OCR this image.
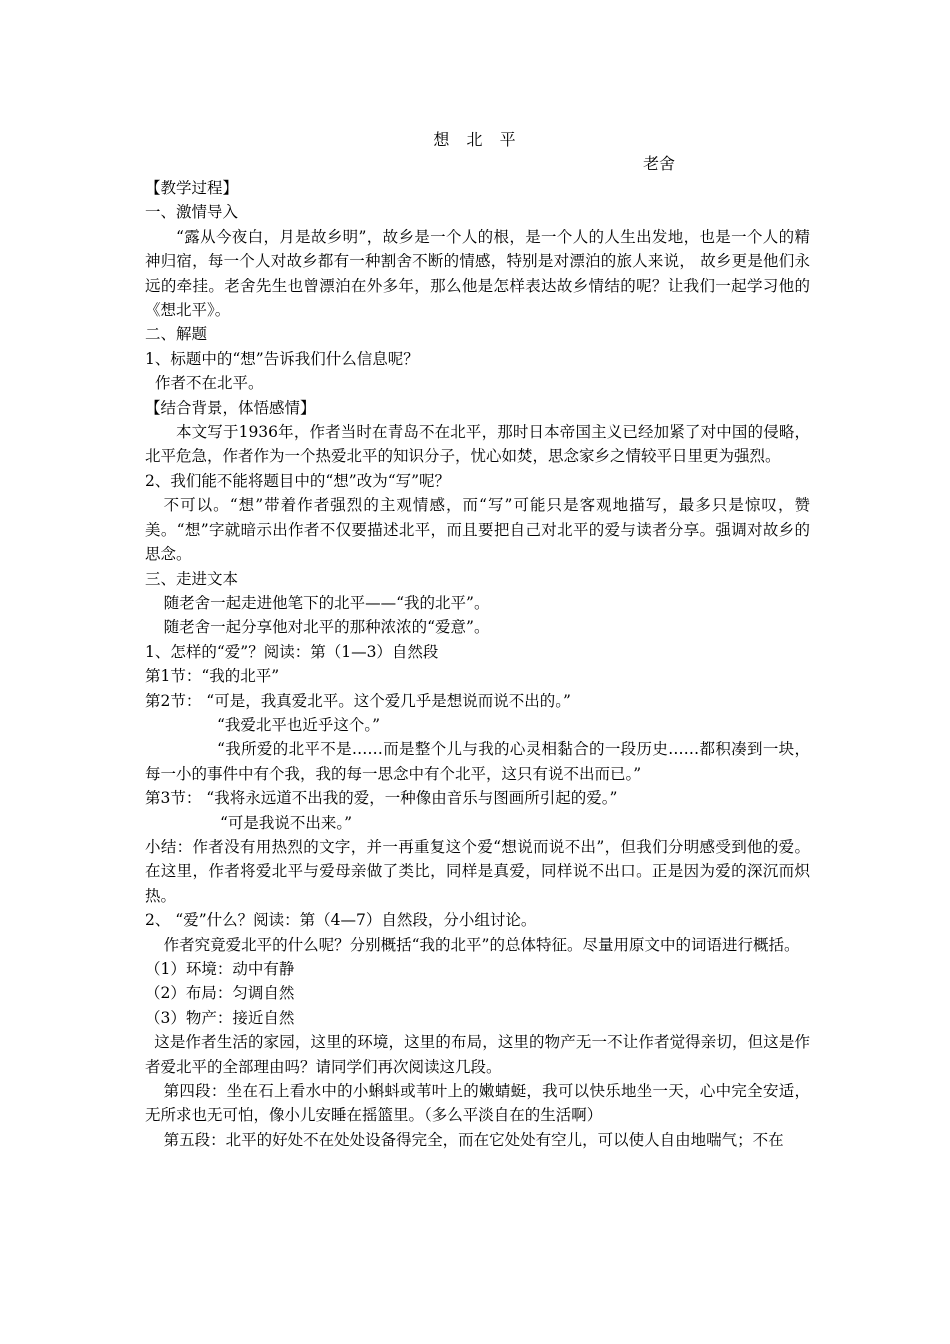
想 北 平
老舍
【教学过程】
一、激情导入
“露从今夜白，月是故乡明”，故乡是一个人的根，是一个人的人生出发地，也是一个人的精神归宿，每一个人对故乡都有一种割舍不断的情感，特别是对漂泊的旅人来说， 故乡更是他们永远的牵挂。老舍先生也曾漂泊在外多年，那么他是怎样表达故乡情结的呢？让我们一起学习他的《想北平》。
二、解题
1、标题中的“想”告诉我们什么信息呢？
作者不在北平。
【结合背景，体悟感情】
本文写于1936年，作者当时在青岛不在北平，那时日本帝国主义已经加紧了对中国的侵略，北平危急，作者作为一个热爱北平的知识分子，忧心如焚，思念家乡之情较平日里更为强烈。
2、我们能不能将题目中的“想”改为“写”呢？
不可以。“想”带着作者强烈的主观情感，而“写”可能只是客观地描写，最多只是惊叹，赞美。“想”字就暗示出作者不仅要描述北平，而且要把自己对北平的爱与读者分享。强调对故乡的思念。
三、走进文本
随老舍一起走进他笔下的北平——“我的北平”。
随老舍一起分享他对北平的那种浓浓的“爱意”。
1、怎样的“爱”？阅读：第（1—3）自然段
第1节：“我的北平”
第2节： “可是，我真爱北平。这个爱几乎是想说而说不出的。”
“我爱北平也近乎这个。”
“我所爱的北平不是……而是整个儿与我的心灵相黏合的一段历史……都积凑到一块，每一小的事件中有个我，我的每一思念中有个北平，这只有说不出而已。”
第3节： “我将永远道不出我的爱，一种像由音乐与图画所引起的爱。”
“可是我说不出来。”
小结：作者没有用热烈的文字，并一再重复这个爱“想说而说不出”，但我们分明感受到他的爱。在这里，作者将爱北平与爱母亲做了类比，同样是真爱，同样说不出口。正是因为爱的深沉而炽热。
2、 “爱”什么？阅读：第（4—7）自然段，分小组讨论。
作者究竟爱北平的什么呢？分别概括“我的北平”的总体特征。尽量用原文中的词语进行概括。
（1）环境：动中有静
（2）布局：匀调自然
（3）物产：接近自然
这是作者生活的家园，这里的环境，这里的布局，这里的物产无一不让作者觉得亲切，但这是作者爱北平的全部理由吗？请同学们再次阅读这几段。
第四段：坐在石上看水中的小蝌蚪或苇叶上的嫩蜻蜓，我可以快乐地坐一天，心中完全安适，无所求也无可怕，像小儿安睡在摇篮里。（多么平淡自在的生活啊）
第五段：北平的好处不在处处设备得完全，而在它处处有空儿，可以使人自由地喘气；不在
